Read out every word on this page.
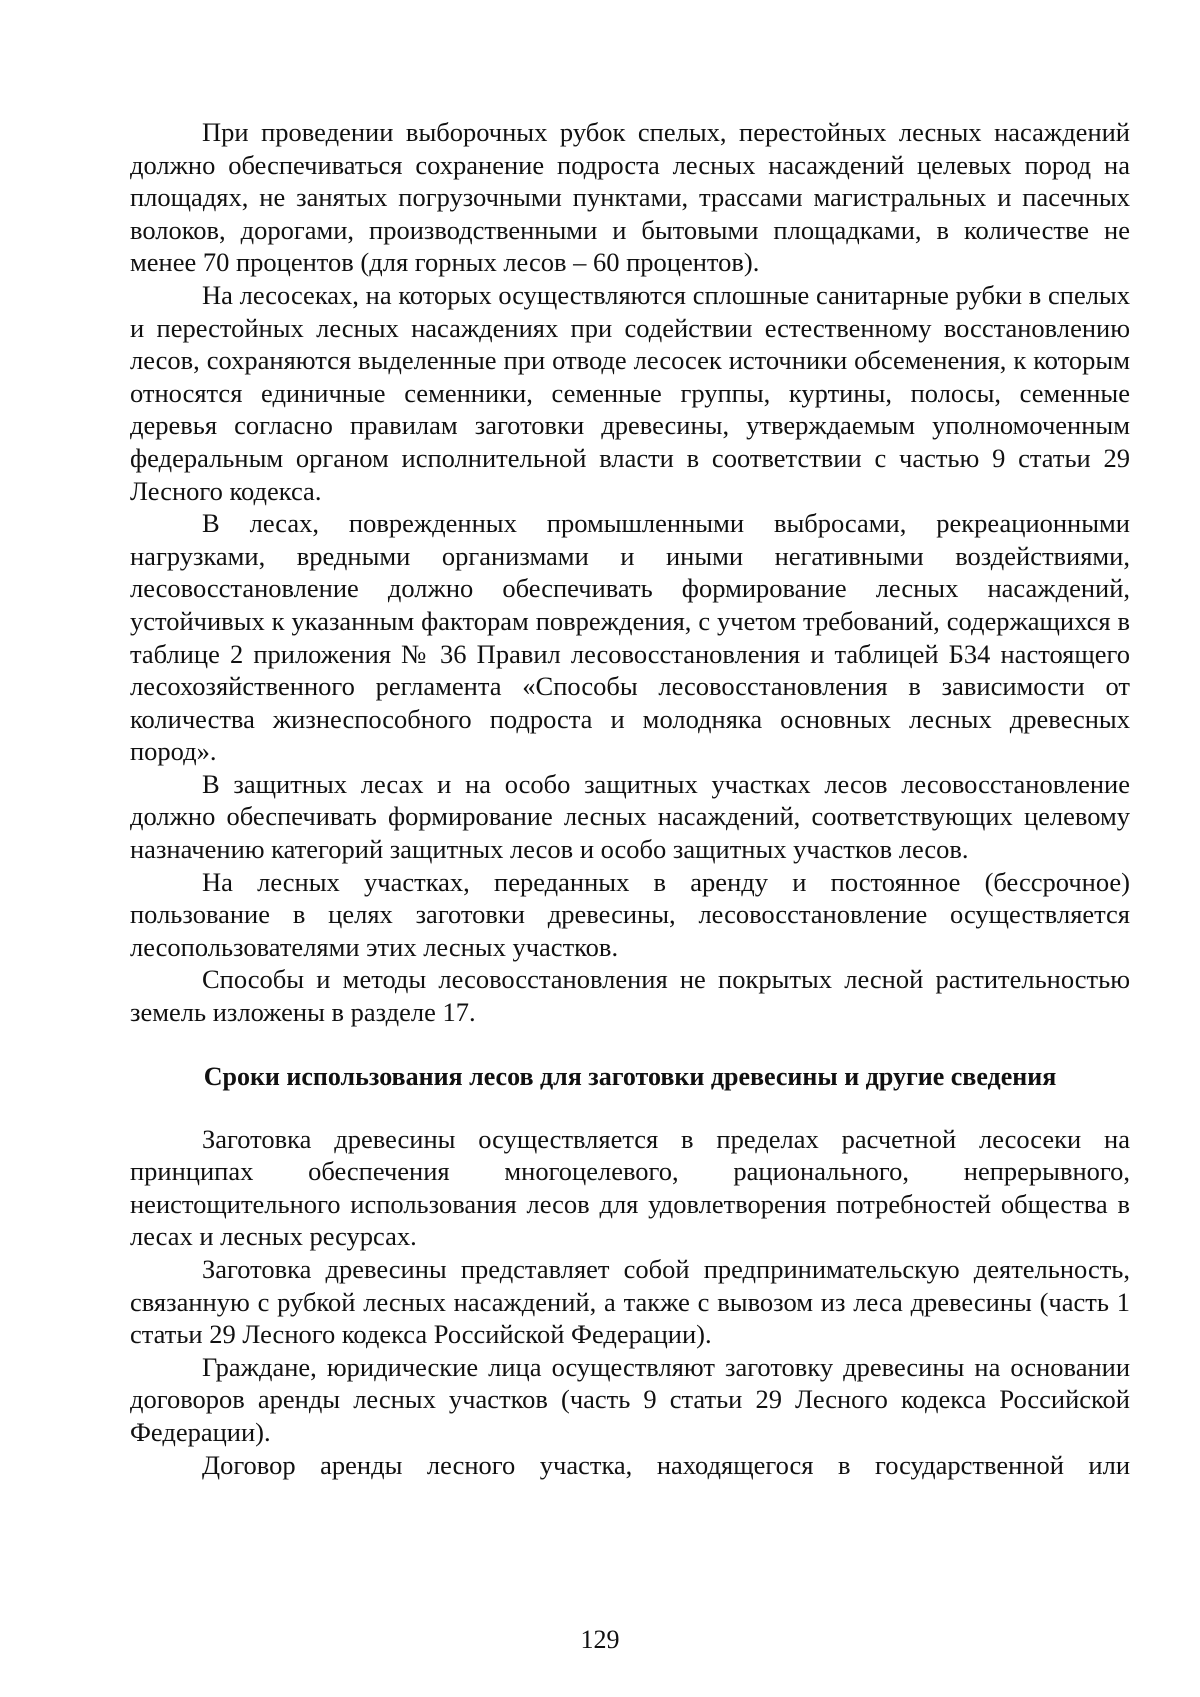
При проведении выборочных рубок спелых, перестойных лесных насаждений должно обеспечиваться сохранение подроста лесных насаждений целевых пород на площадях, не занятых погрузочными пунктами, трассами магистральных и пасечных волоков, дорогами, производственными и бытовыми площадками, в количестве не менее 70 процентов (для горных лесов – 60 процентов).

На лесосеках, на которых осуществляются сплошные санитарные рубки в спелых и перестойных лесных насаждениях при содействии естественному восстановлению лесов, сохраняются выделенные при отводе лесосек источники обсеменения, к которым относятся единичные семенники, семенные группы, куртины, полосы, семенные деревья согласно правилам заготовки древесины, утверждаемым уполномоченным федеральным органом исполнительной власти в соответствии с частью 9 статьи 29 Лесного кодекса.

В лесах, поврежденных промышленными выбросами, рекреационными нагрузками, вредными организмами и иными негативными воздействиями, лесовосстановление должно обеспечивать формирование лесных насаждений, устойчивых к указанным факторам повреждения, с учетом требований, содержащихся в таблице 2 приложения № 36 Правил лесовосстановления и таблицей Б34 настоящего лесохозяйственного регламента «Способы лесовосстановления в зависимости от количества жизнеспособного подроста и молодняка основных лесных древесных пород».

В защитных лесах и на особо защитных участках лесов лесовосстановление должно обеспечивать формирование лесных насаждений, соответствующих целевому назначению категорий защитных лесов и особо защитных участков лесов.

На лесных участках, переданных в аренду и постоянное (бессрочное) пользование в целях заготовки древесины, лесовосстановление осуществляется лесопользователями этих лесных участков.

Способы и методы лесовосстановления не покрытых лесной растительностью земель изложены в разделе 17.

Сроки использования лесов для заготовки древесины и другие сведения

Заготовка древесины осуществляется в пределах расчетной лесосеки на принципах обеспечения многоцелевого, рационального, непрерывного, неистощительного использования лесов для удовлетворения потребностей общества в лесах и лесных ресурсах.

Заготовка древесины представляет собой предпринимательскую деятельность, связанную с рубкой лесных насаждений, а также с вывозом из леса древесины (часть 1 статьи 29 Лесного кодекса Российской Федерации).

Граждане, юридические лица осуществляют заготовку древесины на основании договоров аренды лесных участков (часть 9 статьи 29 Лесного кодекса Российской Федерации).

Договор аренды лесного участка, находящегося в государственной или

129
